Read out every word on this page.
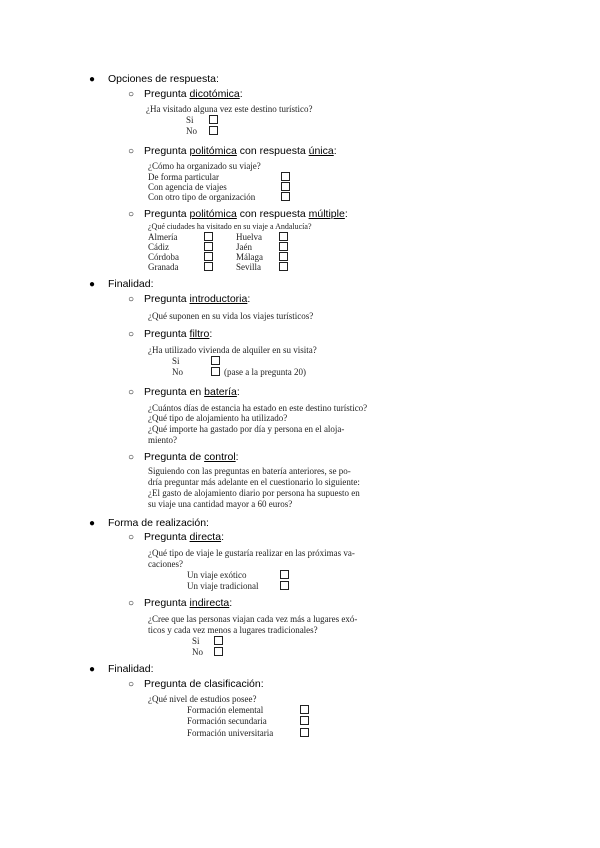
● Opciones de respuesta:
○ Pregunta dicotómica:
¿Ha visitado alguna vez este destino turístico?
Si
No
○ Pregunta politómica con respuesta única:
¿Cómo ha organizado su viaje?
De forma particular
Con agencia de viajes
Con otro tipo de organización
○ Pregunta politómica con respuesta múltiple:
¿Qué ciudades ha visitado en su viaje a Andalucía?
Almería	Huelva
Cádiz	Jaén
Córdoba	Málaga
Granada	Sevilla
● Finalidad:
○ Pregunta introductoria:
¿Qué suponen en su vida los viajes turísticos?
○ Pregunta filtro:
¿Ha utilizado vivienda de alquiler en su visita?
Si
No	(pase a la pregunta 20)
○ Pregunta en batería:
¿Cuántos días de estancia ha estado en este destino turístico?
¿Qué tipo de alojamiento ha utilizado?
¿Qué importe ha gastado por día y persona en el aloja-
miento?
○ Pregunta de control:
Siguiendo con las preguntas en batería anteriores, se po-
dría preguntar más adelante en el cuestionario lo siguiente:
¿El gasto de alojamiento diario por persona ha supuesto en
su viaje una cantidad mayor a 60 euros?
● Forma de realización:
○ Pregunta directa:
¿Qué tipo de viaje le gustaría realizar en las próximas va-
caciones?
Un viaje exótico
Un viaje tradicional
○ Pregunta indirecta:
¿Cree que las personas viajan cada vez más a lugares exó-
ticos y cada vez menos a lugares tradicionales?
Si
No
● Finalidad:
○ Pregunta de clasificación:
¿Qué nivel de estudios posee?
Formación elemental
Formación secundaria
Formación universitaria
